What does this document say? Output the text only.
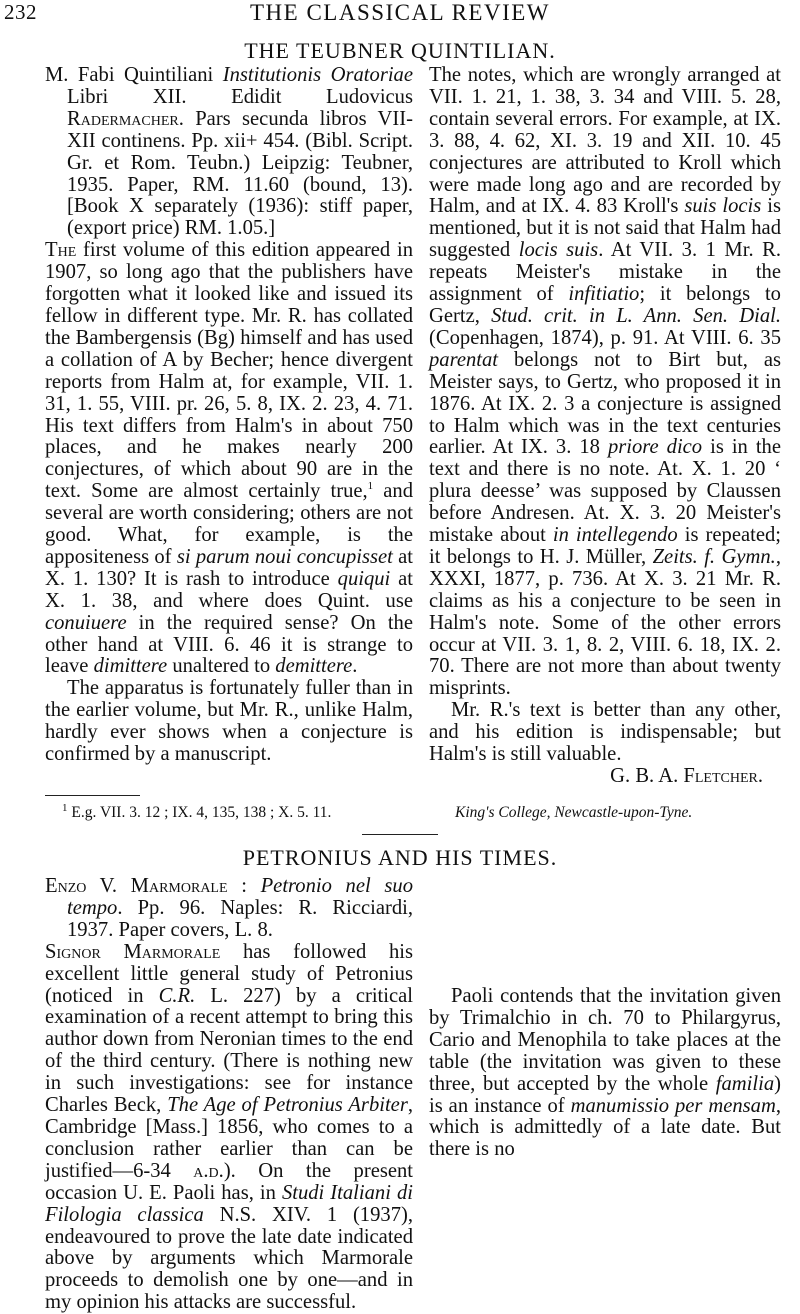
232	THE CLASSICAL REVIEW
THE TEUBNER QUINTILIAN.

M. Fabi Quintiliani Institutionis Oratoriae Libri XII. Edidit Ludovicus Radermacher. Pars secunda libros VII-XII continens. Pp. xii+ 454. (Bibl. Script. Gr. et Rom. Teubn.) Leipzig: Teubner, 1935. Paper, RM. 11.60 (bound, 13). [Book X separately (1936): stiff paper, (export price) RM. 1.05.]

The first volume of this edition appeared in 1907, so long ago that the publishers have forgotten what it looked like and issued its fellow in different type. Mr. R. has collated the Bambergensis (Bg) himself and has used a collation of A by Becher; hence divergent reports from Halm at, for example, VII. 1. 31, 1. 55, VIII. pr. 26, 5. 8, IX. 2. 23, 4. 71. His text differs from Halm's in about 750 places, and he makes nearly 200 conjectures, of which about 90 are in the text. Some are almost certainly true,$^1$ and several are worth considering; others are not good. What, for example, is the appositeness of si parum noui concupisset at X. 1. 130? It is rash to introduce quiqui at X. 1. 38, and where does Quint. use conuiuere in the required sense? On the other hand at VIII. 6. 46 it is strange to leave dimittere unaltered to demittere.

The apparatus is fortunately fuller than in the earlier volume, but Mr. R., unlike Halm, hardly ever shows when a conjecture is confirmed by a manuscript.

The notes, which are wrongly arranged at VII. 1. 21, 1. 38, 3. 34 and VIII. 5. 28, contain several errors. For example, at IX. 3. 88, 4. 62, XI. 3. 19 and XII. 10. 45 conjectures are attributed to Kroll which were made long ago and are recorded by Halm, and at IX. 4. 83 Kroll's suis locis is mentioned, but it is not said that Halm had suggested locis suis. At VII. 3. 1 Mr. R. repeats Meister's mistake in the assignment of infitiatio; it belongs to Gertz, Stud. crit. in L. Ann. Sen. Dial. (Copenhagen, 1874), p. 91. At VIII. 6. 35 parentat belongs not to Birt but, as Meister says, to Gertz, who proposed it in 1876. At IX. 2. 3 a conjecture is assigned to Halm which was in the text centuries earlier. At IX. 3. 18 priore dico is in the text and there is no note. At. X. 1. 20 ‘ plura deesse’ was supposed by Claussen before Andresen. At. X. 3. 20 Meister's mistake about in intellegendo is repeated; it belongs to H. J. Müller, Zeits. f. Gymn., XXXI, 1877, p. 736. At X. 3. 21 Mr. R. claims as his a conjecture to be seen in Halm's note. Some of the other errors occur at VII. 3. 1, 8. 2, VIII. 6. 18, IX. 2. 70. There are not more than about twenty misprints.

Mr. R.'s text is better than any other, and his edition is indispensable; but Halm's is still valuable.

G. B. A. Fletcher.

$^1$ E.g. VII. 3. 12 ; IX. 4, 135, 138 ; X. 5. 11.	King's College, Newcastle-upon-Tyne.
PETRONIUS AND HIS TIMES.

Enzo V. Marmorale : Petronio nel suo tempo. Pp. 96. Naples: R. Ricciardi, 1937. Paper covers, L. 8.

Signor Marmorale has followed his excellent little general study of Petronius (noticed in C.R. L. 227) by a critical examination of a recent attempt to bring this author down from Neronian times to the end of the third century. (There is nothing new in such investigations: see for instance Charles Beck, The Age of Petronius Arbiter, Cambridge [Mass.] 1856, who comes to a conclusion rather earlier than can be justified—6-34 a.d.). On the present occasion U. E. Paoli has, in Studi Italiani di Filologia classica N.S. XIV. 1 (1937), endeavoured to prove the late date indicated above by arguments which Marmorale proceeds to demolish one by one—and in my opinion his attacks are successful.

Paoli contends that the invitation given by Trimalchio in ch. 70 to Philargyrus, Cario and Menophila to take places at the table (the invitation was given to these three, but accepted by the whole familia) is an instance of manumissio per mensam, which is admittedly of a late date. But there is no
